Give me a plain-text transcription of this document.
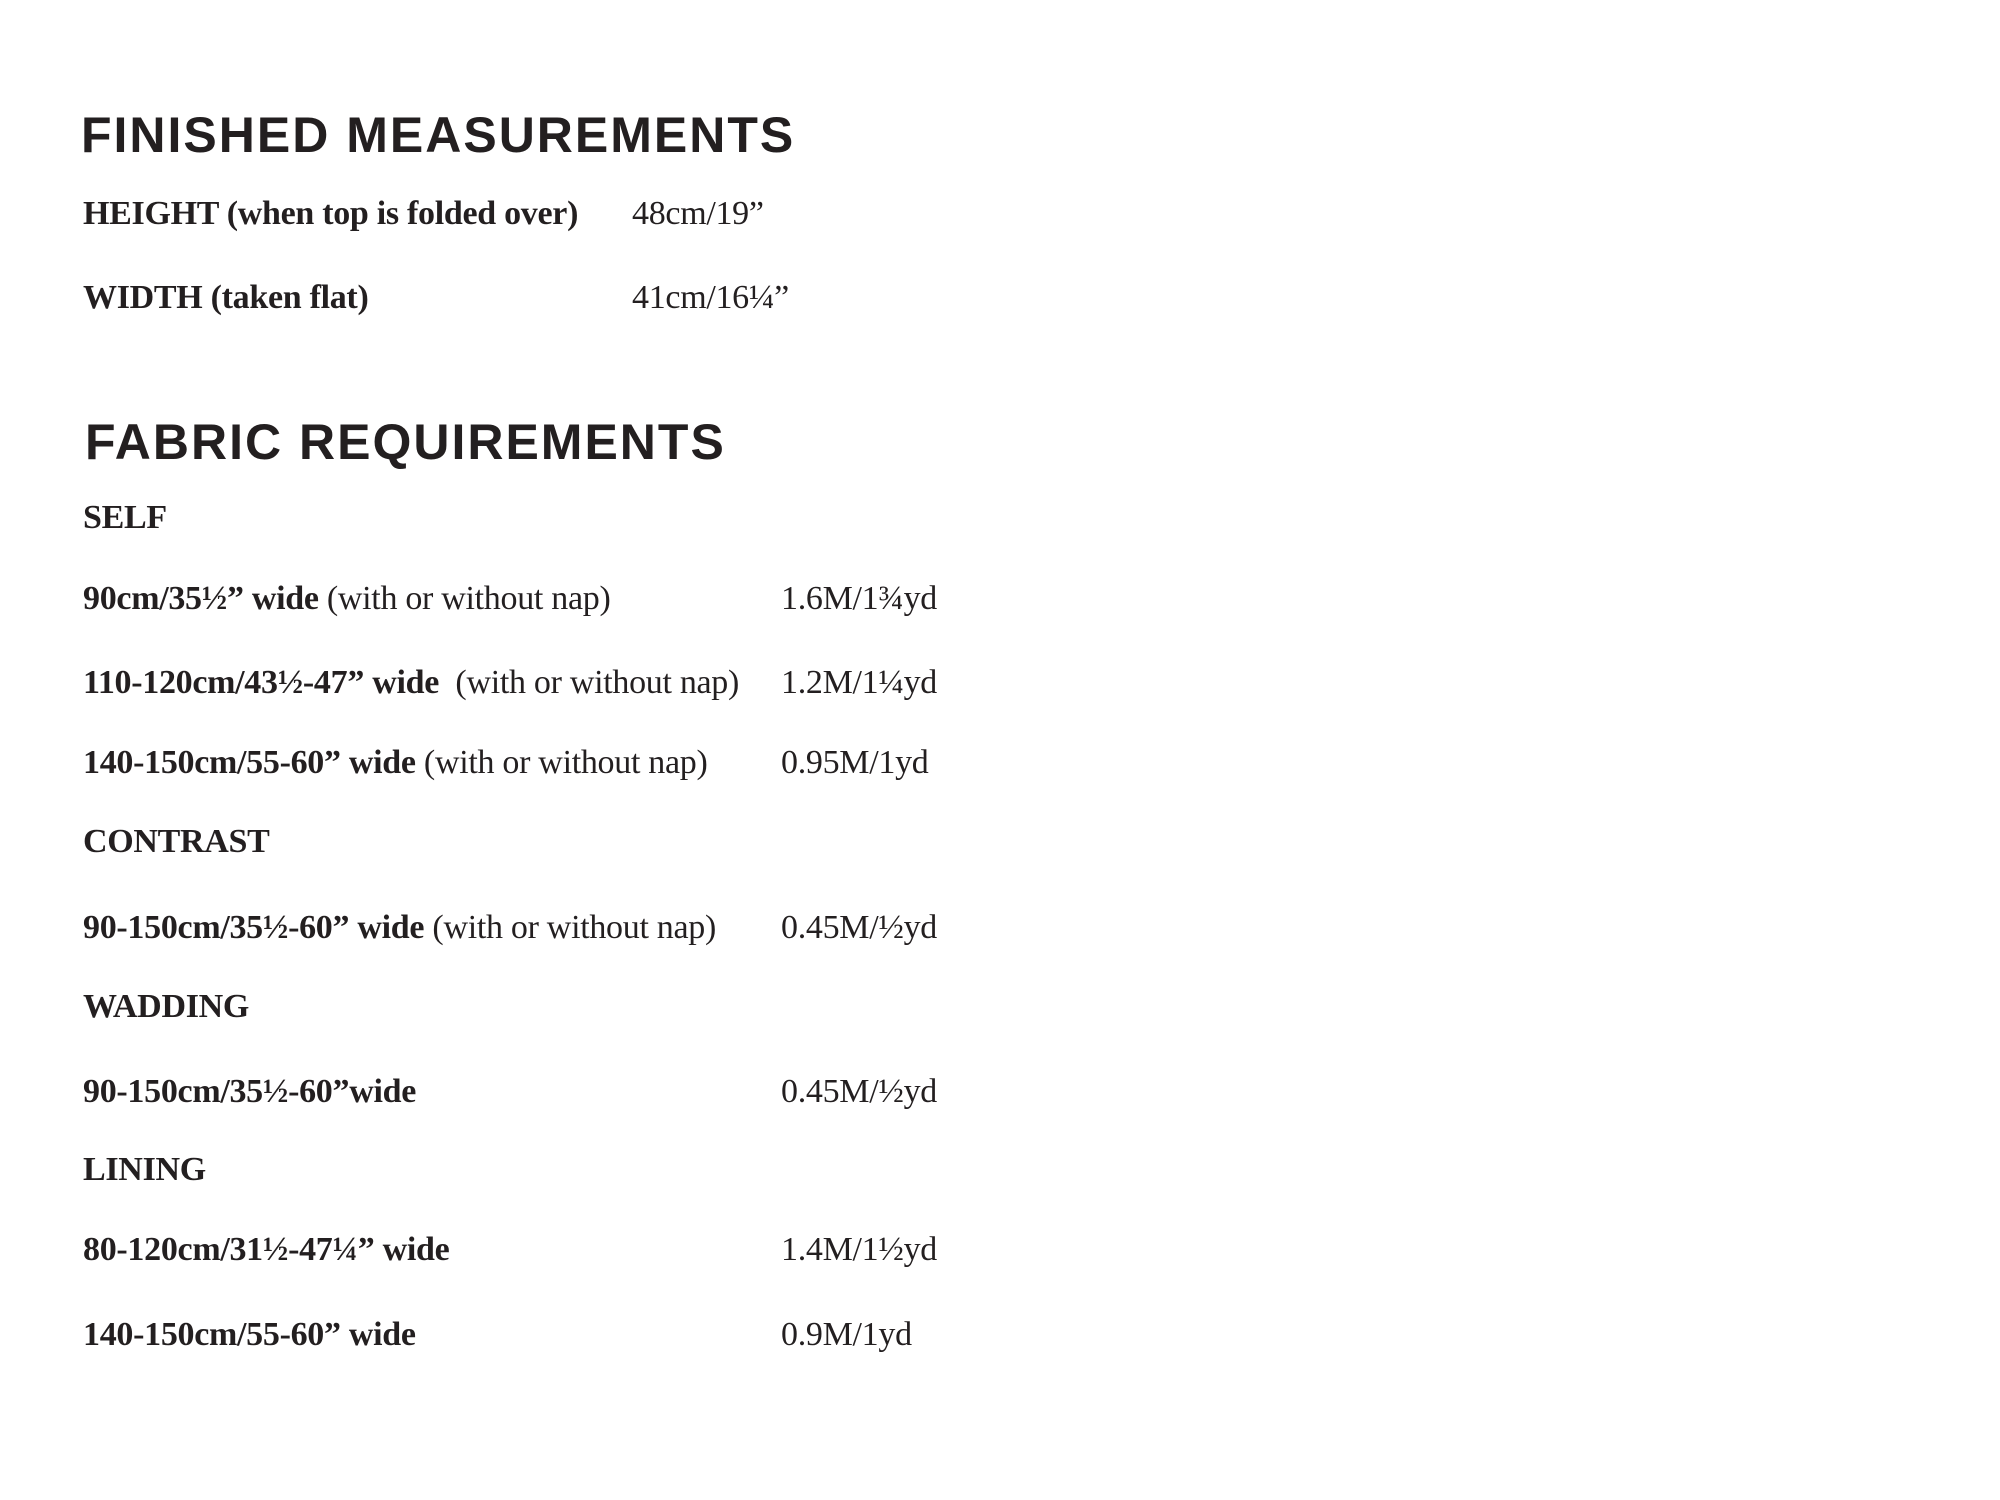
FINISHED MEASUREMENTS
HEIGHT (when top is folded over) 48cm/19”
WIDTH (taken flat)	41cm/16¼”
FABRIC REQUIREMENTS
SELF
90cm/35½” wide (with or without nap)	1.6M/1¾yd
110-120cm/43½-47” wide  (with or without nap) 1.2M/1¼yd
140-150cm/55-60” wide (with or without nap) 0.95M/1yd
CONTRAST
90-150cm/35½-60” wide (with or without nap) 0.45M/½yd
WADDING
90-150cm/35½-60”wide	0.45M/½yd
LINING
80-120cm/31½-47¼” wide	1.4M/1½yd
140-150cm/55-60” wide	0.9M/1yd
